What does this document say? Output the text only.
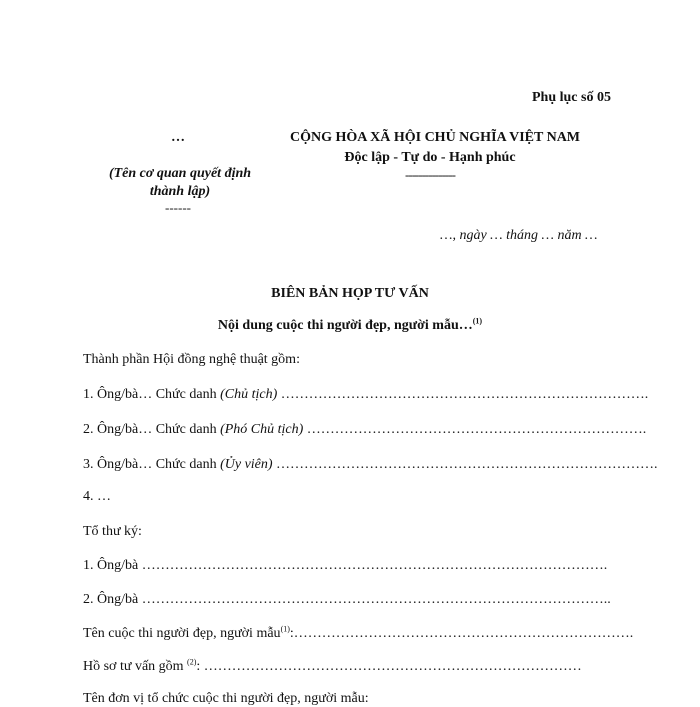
Phụ lục số 05
…
(Tên cơ quan quyết định
thành lập)
------
CỘNG HÒA XÃ HỘI CHỦ NGHĨA VIỆT NAM
Độc lập - Tự do - Hạnh phúc
---------------
…, ngày … tháng … năm …
BIÊN BẢN HỌP TƯ VẤN
Nội dung cuộc thi người đẹp, người mẫu…$^{(1)}$
Thành phần Hội đồng nghệ thuật gồm:
1. Ông/bà… Chức danh (Chủ tịch) …………………………………………………………………….
2. Ông/bà… Chức danh (Phó Chủ tịch) ……………………………………………………………….
3. Ông/bà… Chức danh (Ủy viên) ……………………………………………………………………….
4. …
Tổ thư ký:
1. Ông/bà ……………………………………………………………………………………….
2. Ông/bà ………………………………………………………………………………………..
Tên cuộc thi người đẹp, người mẫu$^{(1)}$:……………………………………………………………….
Hồ sơ tư vấn gồm $^{(2)}$: ………………………………………………………………………
Tên đơn vị tổ chức cuộc thi người đẹp, người mẫu:
